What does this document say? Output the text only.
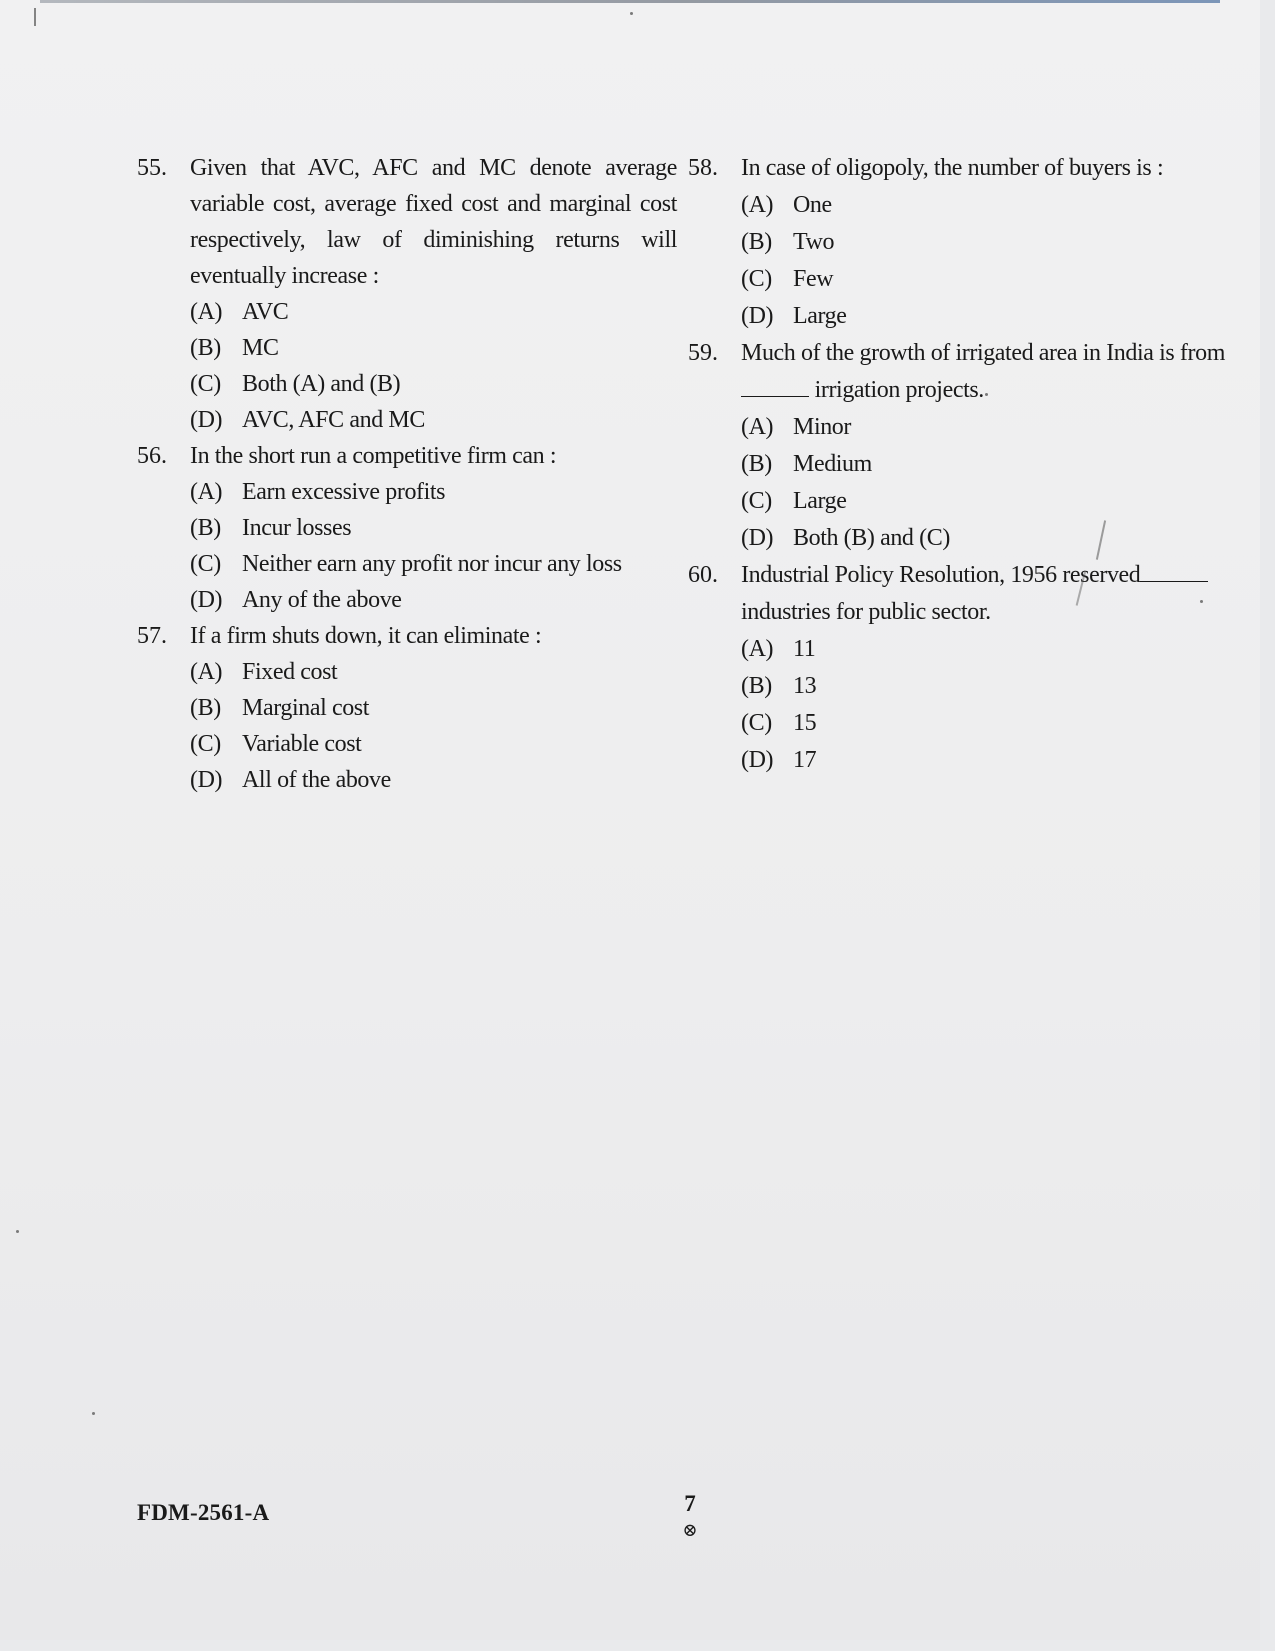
55. Given that AVC, AFC and MC denote average variable cost, average fixed cost and marginal cost respectively, law of diminishing returns will eventually increase :
(A) AVC
(B) MC
(C) Both (A) and (B)
(D) AVC, AFC and MC
56. In the short run a competitive firm can :
(A) Earn excessive profits
(B) Incur losses
(C) Neither earn any profit nor incur any loss
(D) Any of the above
57. If a firm shuts down, it can eliminate :
(A) Fixed cost
(B) Marginal cost
(C) Variable cost
(D) All of the above
58. In case of oligopoly, the number of buyers is :
(A) One
(B) Two
(C) Few
(D) Large
59. Much of the growth of irrigated area in India is from
irrigation projects.
(A) Minor
(B) Medium
(C) Large
(D) Both (B) and (C)
60. Industrial Policy Resolution, 1956 reserved
industries for public sector.
(A) 11
(B) 13
(C) 15
(D) 17
FDM-2561-A	7
⊗
